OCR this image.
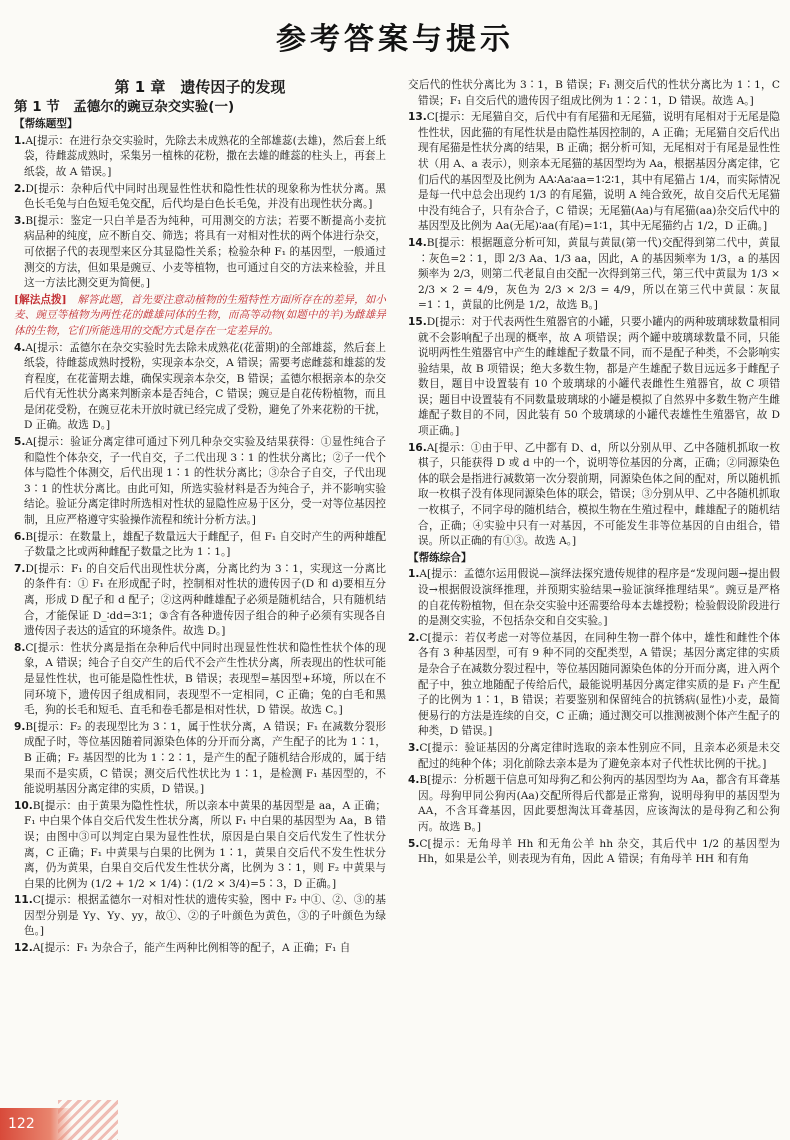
参考答案与提示
第 1 章　遗传因子的发现
第 1 节　孟德尔的豌豆杂交实验(一)
【帮练题型】
1.A[提示：在进行杂交实验时，先除去未成熟花的全部雄蕊(去雄)，然后套上纸袋，待雌蕊成熟时，采集另一植株的花粉，撒在去雄的雌蕊的柱头上，再套上纸袋，故 A 错误。]
2.D[提示：杂种后代中同时出现显性性状和隐性性状的现象称为性状分离。黑色长毛兔与白色短毛兔交配，后代均是白色长毛兔，并没有出现性状分离。]
3.B[提示：鉴定一只白羊是否为纯种，可用测交的方法；若要不断提高小麦抗病品种的纯度，应不断自交、筛选；将具有一对相对性状的两个体进行杂交，可依据子代的表现型来区分其显隐性关系；检验杂种 F₁ 的基因型，一般通过测交的方法，但如果是豌豆、小麦等植物，也可通过自交的方法来检验，并且这一方法比测交更为简便。]
[解法点拨]　 解答此题，首先要注意动植物的生殖特性方面所存在的差异，如小麦、豌豆等植物为两性花的雌雄同体的生物，而高等动物(如题中的羊)为雌雄异体的生物，它们所能选用的交配方式是存在一定差异的。
4.A[提示：孟德尔在杂交实验时先去除未成熟花(花蕾期)的全部雄蕊，然后套上纸袋，待雌蕊成熟时授粉，实现亲本杂交，A 错误；需要考虑雌蕊和雄蕊的发育程度，在花蕾期去雄，确保实现亲本杂交，B 错误；孟德尔根据亲本的杂交后代有无性状分离来判断亲本是否纯合，C 错误；豌豆是自花传粉植物，而且是闭花受粉，在豌豆花未开放时就已经完成了受粉，避免了外来花粉的干扰，D 正确。故选 D。]
5.A[提示：验证分离定律可通过下列几种杂交实验及结果获得：①显性纯合子和隐性个体杂交，子一代自交，子二代出现 3∶1 的性状分离比；②子一代个体与隐性个体测交，后代出现 1∶1 的性状分离比；③杂合子自交，子代出现 3∶1 的性状分离比。由此可知，所选实验材料是否为纯合子，并不影响实验结论。验证分离定律时所选相对性状的显隐性应易于区分，受一对等位基因控制，且应严格遵守实验操作流程和统计分析方法。]
6.B[提示：在数量上，雄配子数量远大于雌配子，但 F₁ 自交时产生的两种雄配子数量之比或两种雌配子数量之比为 1∶1。]
7.D[提示：F₁ 的自交后代出现性状分离，分离比约为 3∶1，实现这一分离比的条件有：① F₁ 在形成配子时，控制相对性状的遗传因子(D 和 d)要相互分离，形成 D 配子和 d 配子；②这两种雌雄配子必须是随机结合，只有随机结合，才能保证 D_∶dd=3∶1；③含有各种遗传因子组合的种子必须有实现各自遗传因子表达的适宜的环境条件。故选 D。]
8.C[提示：性状分离是指在杂种后代中同时出现显性性状和隐性性状个体的现象，A 错误；纯合子自交产生的后代不会产生性状分离，所表现出的性状可能是显性性状，也可能是隐性性状，B 错误；表现型=基因型+环境，所以在不同环境下，遗传因子组成相同，表现型不一定相同，C 正确；兔的白毛和黑毛，狗的长毛和短毛、直毛和卷毛都是相对性状，D 错误。故选 C。]
9.B[提示：F₂ 的表现型比为 3∶1，属于性状分离，A 错误；F₁ 在减数分裂形成配子时，等位基因随着同源染色体的分开而分离，产生配子的比为 1∶1，B 正确；F₂ 基因型的比为 1∶2∶1，是产生的配子随机结合形成的，属于结果而不是实质，C 错误；测交后代性状比为 1∶1，是检测 F₁ 基因型的，不能说明基因分离定律的实质，D 错误。]
10.B[提示：由于黄果为隐性性状，所以亲本中黄果的基因型是 aa，A 正确；F₁ 中白果个体自交后代发生性状分离，所以 F₁ 中白果的基因型为 Aa，B 错误；由图中③可以判定白果为显性性状，原因是白果自交后代发生了性状分离，C 正确；F₁ 中黄果与白果的比例为 1∶1，黄果自交后代不发生性状分离，仍为黄果，白果自交后代发生性状分离，比例为 3∶1，则 F₂ 中黄果与白果的比例为 (1/2 + 1/2 × 1/4)∶(1/2 × 3/4)=5∶3，D 正确。]
11.C[提示：根据孟德尔一对相对性状的遗传实验，图中 F₂ 中①、②、③的基因型分别是 Yy、Yy、yy，故①、②的子叶颜色为黄色，③的子叶颜色为绿色。]
12.A[提示：F₁ 为杂合子，能产生两种比例相等的配子，A 正确；F₁ 自
交后代的性状分离比为 3∶1，B 错误；F₁ 测交后代的性状分离比为 1∶1，C 错误；F₁ 自交后代的遗传因子组成比例为 1∶2∶1，D 错误。故选 A。]
13.C[提示：无尾猫自交，后代中有有尾猫和无尾猫，说明有尾相对于无尾是隐性性状，因此猫的有尾性状是由隐性基因控制的，A 正确；无尾猫自交后代出现有尾猫是性状分离的结果，B 正确；据分析可知，无尾相对于有尾是显性性状（用 A、a 表示），则亲本无尾猫的基因型均为 Aa，根据基因分离定律，它们后代的基因型及比例为 AA∶Aa∶aa=1∶2∶1，其中有尾猫占 1/4，而实际情况是每一代中总会出现约 1/3 的有尾猫，说明 A 纯合致死，故自交后代无尾猫中没有纯合子，只有杂合子，C 错误；无尾猫(Aa)与有尾猫(aa)杂交后代中的基因型及比例为 Aa(无尾)∶aa(有尾)=1∶1，其中无尾猫约占 1/2，D 正确。]
14.B[提示：根据题意分析可知，黄鼠与黄鼠(第一代)交配得到第二代中，黄鼠∶灰色=2∶1，即 2/3 Aa、1/3 aa，因此，A 的基因频率为 1/3，a 的基因频率为 2/3，则第二代老鼠自由交配一次得到第三代，第三代中黄鼠为 1/3 × 2/3 × 2 = 4/9，灰色为 2/3 × 2/3 = 4/9，所以在第三代中黄鼠∶灰鼠=1∶1，黄鼠的比例是 1/2，故选 B。]
15.D[提示：对于代表两性生殖器官的小罐，只要小罐内的两种玻璃球数量相同就不会影响配子出现的概率，故 A 项错误；两个罐中玻璃球数量不同，只能说明两性生殖器官中产生的雌雄配子数量不同，而不是配子种类，不会影响实验结果，故 B 项错误；绝大多数生物，都是产生雄配子数目远远多于雌配子数目，题目中设置装有 10 个玻璃球的小罐代表雌性生殖器官，故 C 项错误；题目中设置装有不同数量玻璃球的小罐是模拟了自然界中多数生物产生雌雄配子数目的不同，因此装有 50 个玻璃球的小罐代表雄性生殖器官，故 D 项正确。]
16.A[提示：①由于甲、乙中都有 D、d，所以分别从甲、乙中各随机抓取一枚棋子，只能获得 D 或 d 中的一个，说明等位基因的分离，正确；②同源染色体的联会是指进行减数第一次分裂前期，同源染色体之间的配对，所以随机抓取一枚棋子没有体现同源染色体的联会，错误；③分别从甲、乙中各随机抓取一枚棋子，不同字母的随机结合，模拟生物在生殖过程中，雌雄配子的随机结合，正确；④实验中只有一对基因，不可能发生非等位基因的自由组合，错误。所以正确的有①③。故选 A。]
【帮练综合】
1.A[提示：孟德尔运用假说—演绎法探究遗传规律的程序是“发现问题→提出假设→根据假设演绎推理，并预期实验结果→验证演绎推理结果”。豌豆是严格的自花传粉植物，但在杂交实验中还需要给母本去雄授粉；检验假设阶段进行的是测交实验，不包括杂交和自交实验。]
2.C[提示：若仅考虑一对等位基因，在同种生物一群个体中，雄性和雌性个体各有 3 种基因型，可有 9 种不同的交配类型，A 错误；基因分离定律的实质是杂合子在减数分裂过程中，等位基因随同源染色体的分开而分离，进入两个配子中，独立地随配子传给后代，最能说明基因分离定律实质的是 F₁ 产生配子的比例为 1∶1，B 错误；若要鉴别和保留纯合的抗锈病(显性)小麦，最简便易行的方法是连续的自交，C 正确；通过测交可以推测被测个体产生配子的种类，D 错误。]
3.C[提示：验证基因的分离定律时选取的亲本性别应不同，且亲本必须是未交配过的纯种个体；羽化前除去亲本是为了避免亲本对子代性状比例的干扰。]
4.B[提示：分析题干信息可知母狗乙和公狗丙的基因型均为 Aa，都含有耳聋基因。母狗甲同公狗丙(Aa)交配所得后代都是正常狗，说明母狗甲的基因型为 AA，不含耳聋基因，因此要想淘汰耳聋基因，应该淘汰的是母狗乙和公狗丙。故选 B。]
5.C[提示：无角母羊 Hh 和无角公羊 hh 杂交，其后代中 1/2 的基因型为 Hh，如果是公羊，则表现为有角，因此 A 错误；有角母羊 HH 和有角
122
